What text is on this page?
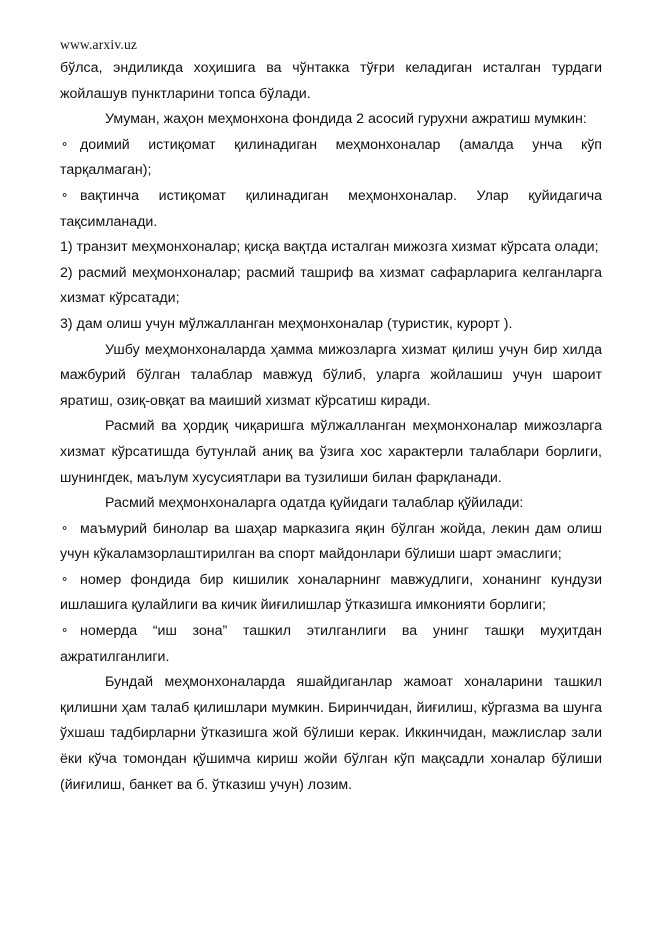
www.arxiv.uz

бўлса, эндиликда хоҳишига ва чўнтакка тўғри келадиган исталган турдаги жойлашув пунктларини топса бўлади.

Умуман, жаҳон меҳмонхона фондида 2 асосий гурухни ажратиш мумкин:

⚬ доимий истиқомат қилинадиган меҳмонхоналар (амалда унча кўп тарқалмаган);

⚬ вақтинча истиқомат қилинадиган меҳмонхоналар. Улар қуйидагича тақсимланади.

1) транзит меҳмонхоналар; қисқа вақтда исталган мижозга хизмат кўрсата олади;

2) расмий меҳмонхоналар; расмий ташриф ва хизмат сафарларига келганларга хизмат кўрсатади;

3) дам олиш учун мўлжалланган меҳмонхоналар (туристик, курорт ).

Ушбу меҳмонхоналарда ҳамма мижозларга хизмат қилиш учун бир хилда мажбурий бўлган талаблар мавжуд бўлиб, уларга жойлашиш учун шароит яратиш, озиқ-овқат ва маиший хизмат кўрсатиш киради.

Расмий ва ҳордиқ чиқаришга мўлжалланган меҳмонхоналар мижозларга хизмат кўрсатишда бутунлай аниқ ва ўзига хос характерли талаблари борлиги, шунингдек, маълум хусусиятлари ва тузилиши билан фарқланади.

Расмий меҳмонхоналарга одатда қуйидаги талаблар қўйилади:

⚬ маъмурий бинолар ва шаҳар марказига яқин бўлган жойда, лекин дам олиш учун кўкаламзорлаштирилган ва спорт майдонлари бўлиши шарт эмаслиги;

⚬ номер фондида бир кишилик хоналарнинг мавжудлиги, хонанинг кундузи ишлашига қулайлиги ва кичик йиғилишлар ўтказишга имконияти борлиги;

⚬ номерда “иш зона” ташкил этилганлиги ва унинг ташқи муҳитдан ажратилганлиги.

Бундай меҳмонхоналарда яшайдиганлар жамоат хоналарини ташкил қилишни ҳам талаб қилишлари мумкин. Биринчидан, йиғилиш, кўргазма ва шунга ўхшаш тадбирларни ўтказишга жой бўлиши керак. Иккинчидан, мажлислар зали ёки кўча томондан қўшимча кириш жойи бўлган кўп мақсадли хоналар бўлиши (йиғилиш, банкет ва б. ўтказиш учун) лозим.
